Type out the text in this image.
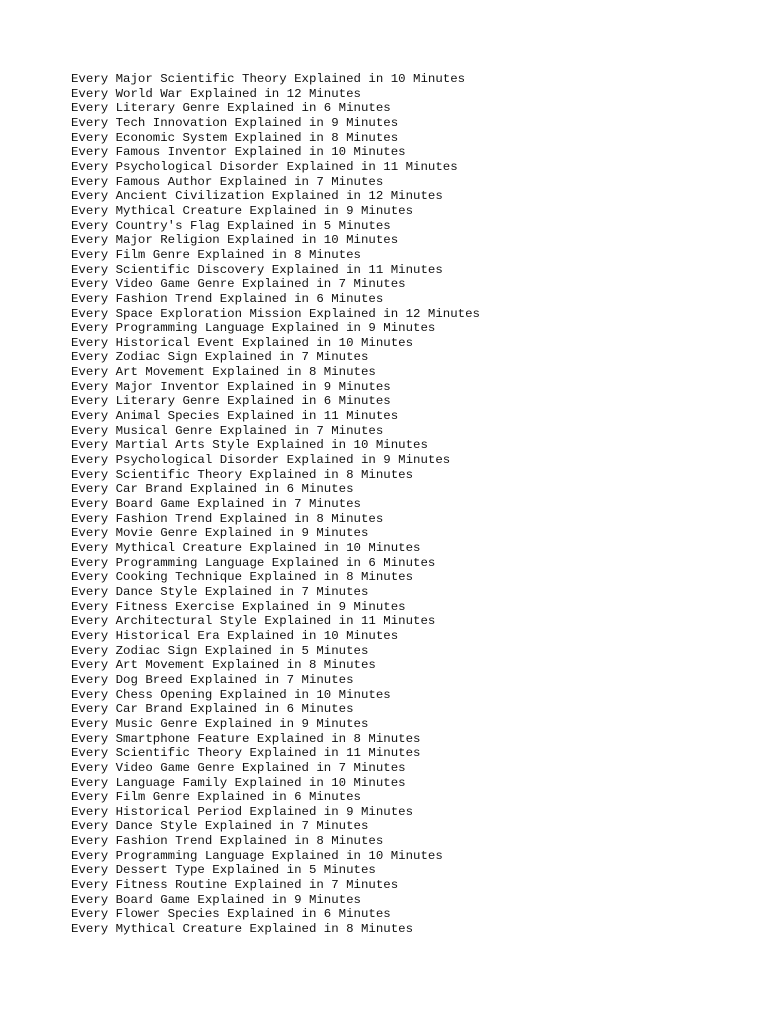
Every Major Scientific Theory Explained in 10 Minutes
Every World War Explained in 12 Minutes
Every Literary Genre Explained in 6 Minutes
Every Tech Innovation Explained in 9 Minutes
Every Economic System Explained in 8 Minutes
Every Famous Inventor Explained in 10 Minutes
Every Psychological Disorder Explained in 11 Minutes
Every Famous Author Explained in 7 Minutes
Every Ancient Civilization Explained in 12 Minutes
Every Mythical Creature Explained in 9 Minutes
Every Country's Flag Explained in 5 Minutes
Every Major Religion Explained in 10 Minutes
Every Film Genre Explained in 8 Minutes
Every Scientific Discovery Explained in 11 Minutes
Every Video Game Genre Explained in 7 Minutes
Every Fashion Trend Explained in 6 Minutes
Every Space Exploration Mission Explained in 12 Minutes
Every Programming Language Explained in 9 Minutes
Every Historical Event Explained in 10 Minutes
Every Zodiac Sign Explained in 7 Minutes
Every Art Movement Explained in 8 Minutes
Every Major Inventor Explained in 9 Minutes
Every Literary Genre Explained in 6 Minutes
Every Animal Species Explained in 11 Minutes
Every Musical Genre Explained in 7 Minutes
Every Martial Arts Style Explained in 10 Minutes
Every Psychological Disorder Explained in 9 Minutes
Every Scientific Theory Explained in 8 Minutes
Every Car Brand Explained in 6 Minutes
Every Board Game Explained in 7 Minutes
Every Fashion Trend Explained in 8 Minutes
Every Movie Genre Explained in 9 Minutes
Every Mythical Creature Explained in 10 Minutes
Every Programming Language Explained in 6 Minutes
Every Cooking Technique Explained in 8 Minutes
Every Dance Style Explained in 7 Minutes
Every Fitness Exercise Explained in 9 Minutes
Every Architectural Style Explained in 11 Minutes
Every Historical Era Explained in 10 Minutes
Every Zodiac Sign Explained in 5 Minutes
Every Art Movement Explained in 8 Minutes
Every Dog Breed Explained in 7 Minutes
Every Chess Opening Explained in 10 Minutes
Every Car Brand Explained in 6 Minutes
Every Music Genre Explained in 9 Minutes
Every Smartphone Feature Explained in 8 Minutes
Every Scientific Theory Explained in 11 Minutes
Every Video Game Genre Explained in 7 Minutes
Every Language Family Explained in 10 Minutes
Every Film Genre Explained in 6 Minutes
Every Historical Period Explained in 9 Minutes
Every Dance Style Explained in 7 Minutes
Every Fashion Trend Explained in 8 Minutes
Every Programming Language Explained in 10 Minutes
Every Dessert Type Explained in 5 Minutes
Every Fitness Routine Explained in 7 Minutes
Every Board Game Explained in 9 Minutes
Every Flower Species Explained in 6 Minutes
Every Mythical Creature Explained in 8 Minutes
